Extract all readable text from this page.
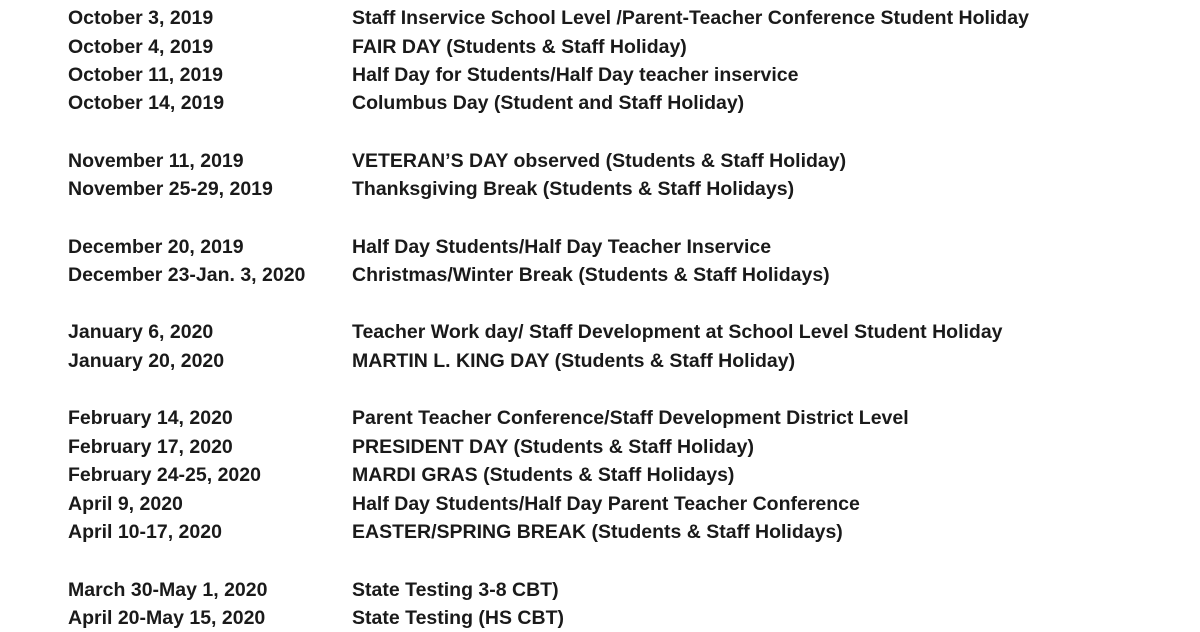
October 3, 2019	Staff Inservice School Level /Parent-Teacher Conference Student Holiday
October 4, 2019	FAIR DAY (Students & Staff Holiday)
October 11, 2019	Half Day for Students/Half Day teacher inservice
October 14, 2019	Columbus Day (Student and Staff Holiday)
November 11, 2019	VETERAN’S DAY observed (Students & Staff Holiday)
November 25-29, 2019	Thanksgiving Break (Students & Staff Holidays)
December 20, 2019	Half Day Students/Half Day Teacher Inservice
December 23-Jan. 3, 2020 Christmas/Winter Break (Students & Staff Holidays)
January 6, 2020	Teacher Work day/ Staff Development at School Level Student Holiday
January 20, 2020	MARTIN L. KING DAY (Students & Staff Holiday)
February 14, 2020	Parent Teacher Conference/Staff Development District Level
February 17, 2020	PRESIDENT DAY (Students & Staff Holiday)
February 24-25, 2020	MARDI GRAS (Students & Staff Holidays)
April 9, 2020	Half Day Students/Half Day Parent Teacher Conference
April 10-17, 2020	EASTER/SPRING BREAK (Students & Staff Holidays)
March 30-May 1, 2020	State Testing 3-8 CBT)
April 20-May 15, 2020	State Testing (HS CBT)
